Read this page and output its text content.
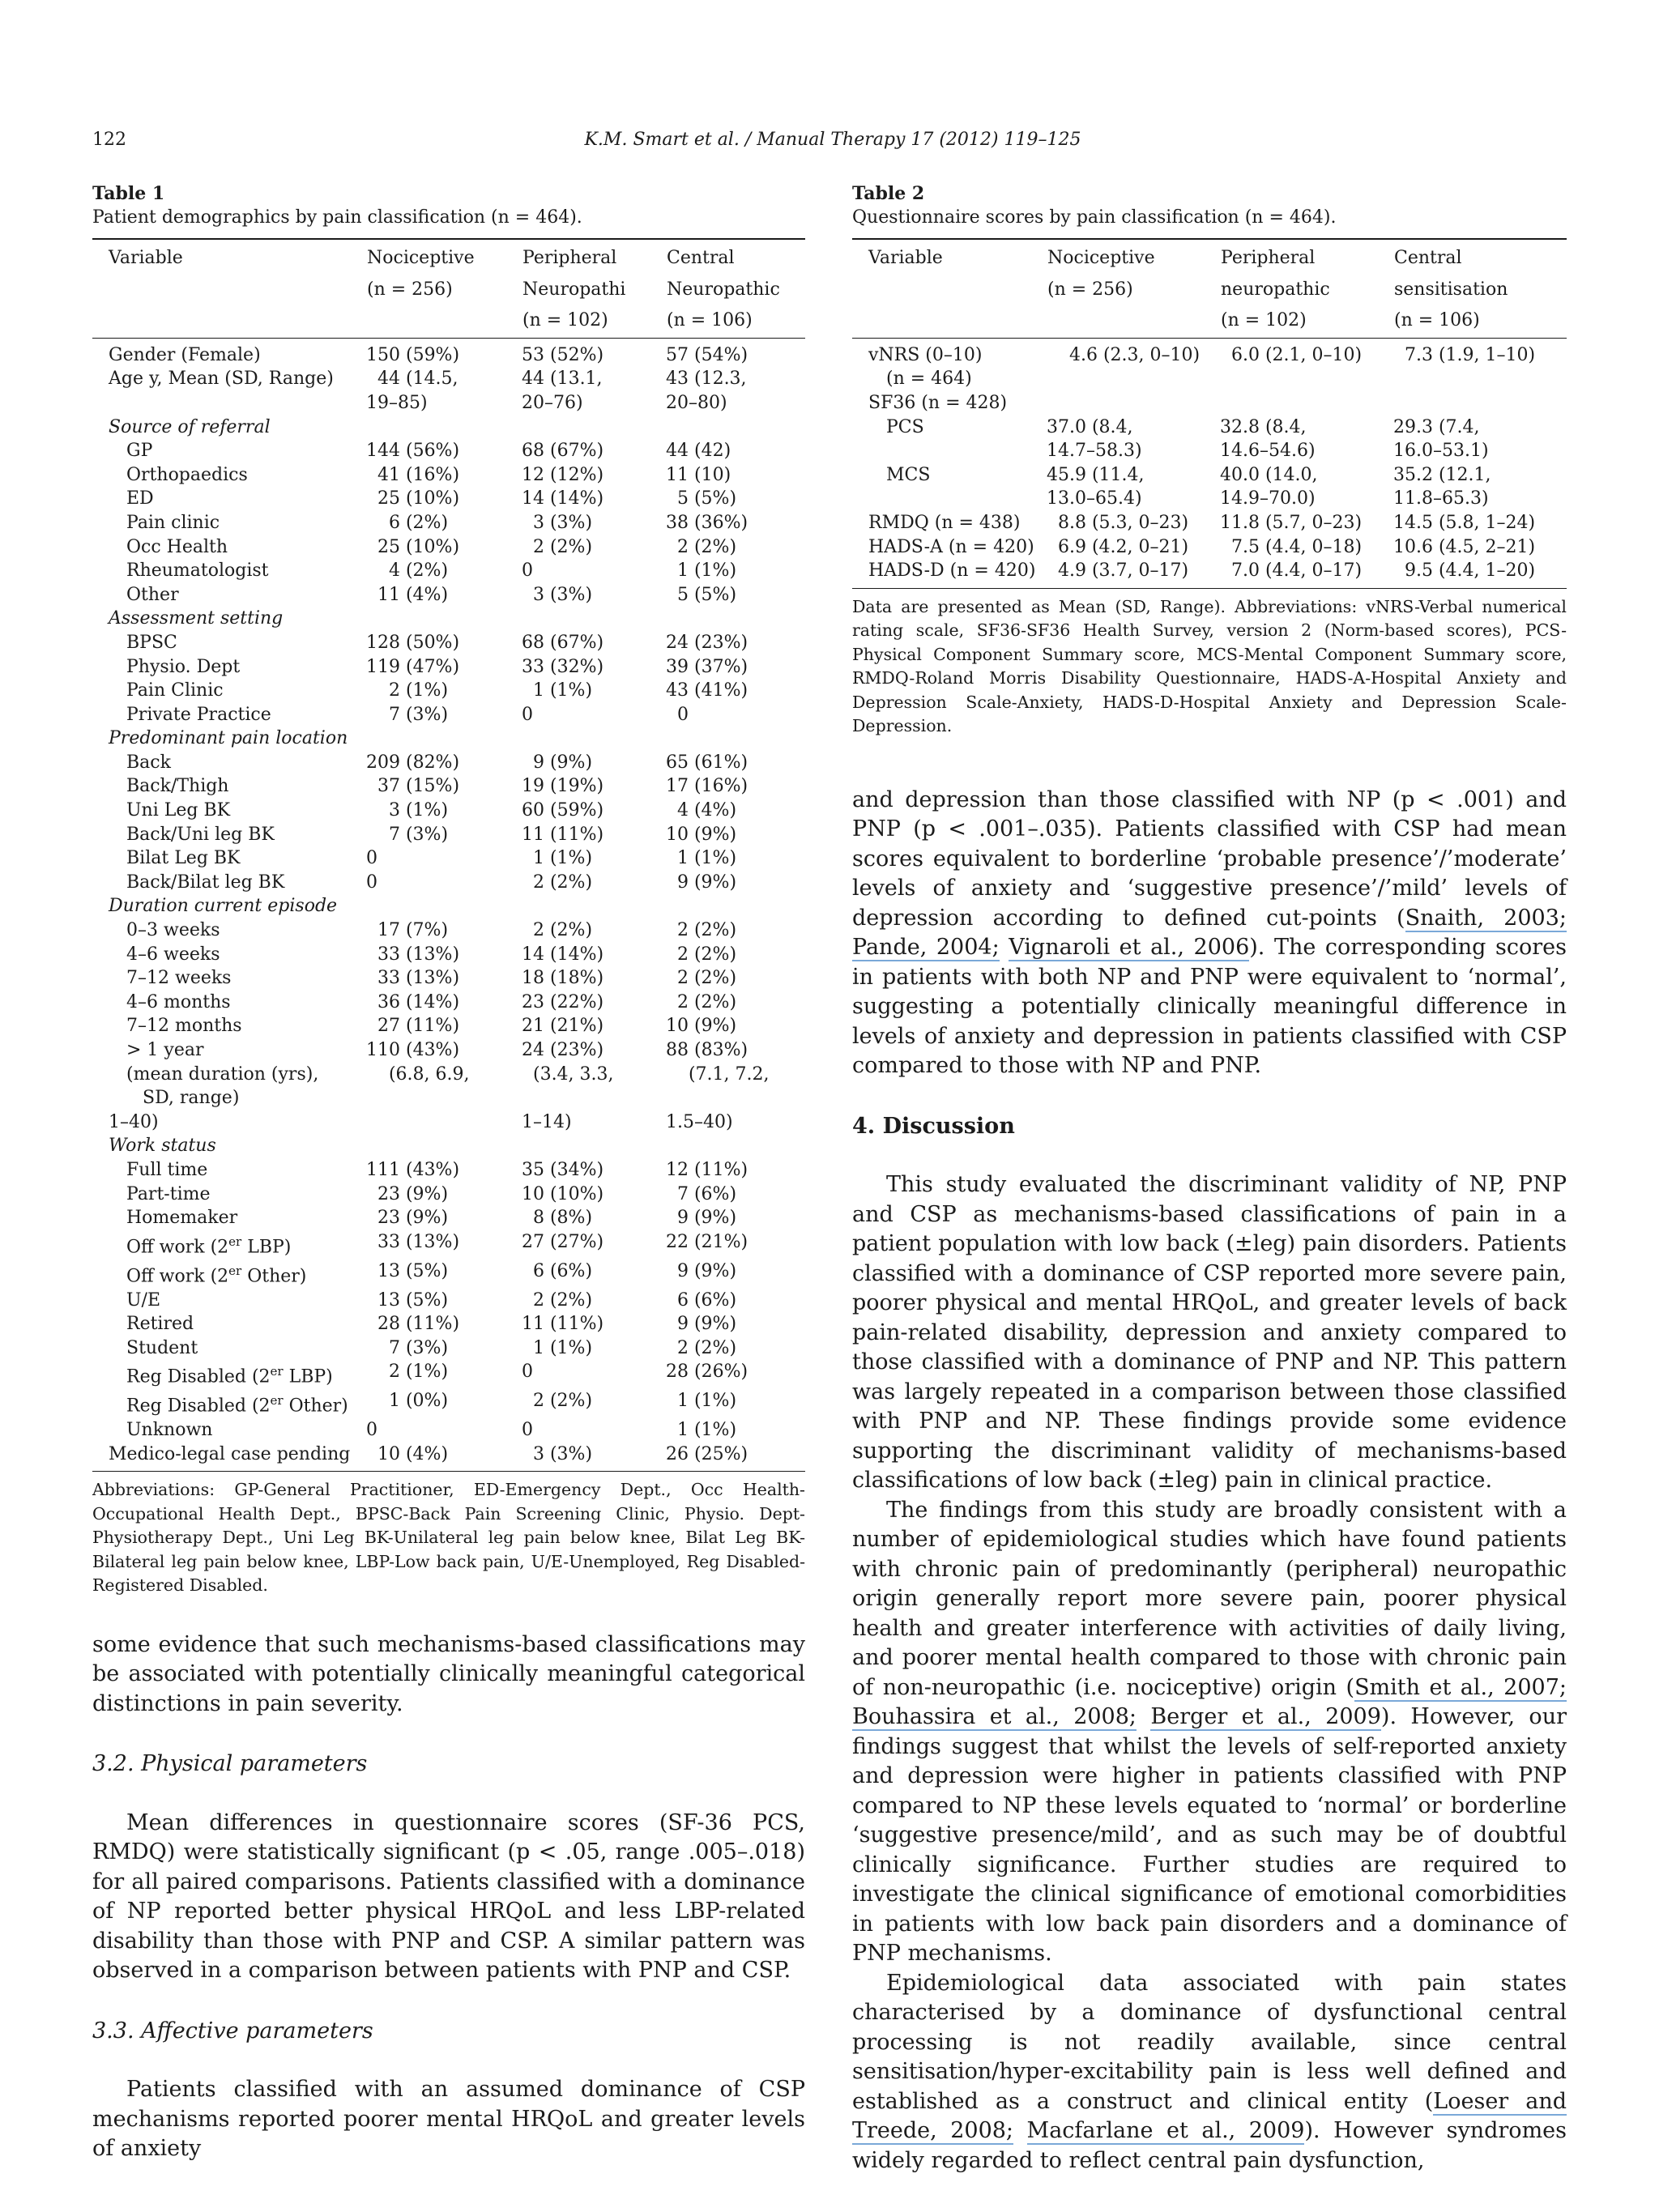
122	K.M. Smart et al. / Manual Therapy 17 (2012) 119–125
Table 1
Patient demographics by pain classification (n = 464).
Variable	Nociceptive	Peripheral	Central
	(n = 256)	Neuropathi	Neuropathic
		(n = 102)	(n = 106)
Gender (Female)	150 (59%)	53 (52%)	57 (54%)
Age y, Mean (SD, Range)	44 (14.5,	44 (13.1,	43 (12.3,
	19–85)	20–76)	20–80)
Source of referral			
GP	144 (56%)	68 (67%)	44 (42)
Orthopaedics	41 (16%)	12 (12%)	11 (10)
ED	25 (10%)	14 (14%)	5 (5%)
Pain clinic	6 (2%)	3 (3%)	38 (36%)
Occ Health	25 (10%)	2 (2%)	2 (2%)
Rheumatologist	4 (2%)	0	1 (1%)
Other	11 (4%)	3 (3%)	5 (5%)
Assessment setting			
BPSC	128 (50%)	68 (67%)	24 (23%)
Physio. Dept	119 (47%)	33 (32%)	39 (37%)
Pain Clinic	2 (1%)	1 (1%)	43 (41%)
Private Practice	7 (3%)	0	0
Predominant pain location			
Back	209 (82%)	9 (9%)	65 (61%)
Back/Thigh	37 (15%)	19 (19%)	17 (16%)
Uni Leg BK	3 (1%)	60 (59%)	4 (4%)
Back/Uni leg BK	7 (3%)	11 (11%)	10 (9%)
Bilat Leg BK	0	1 (1%)	1 (1%)
Back/Bilat leg BK	0	2 (2%)	9 (9%)
Duration current episode			
0–3 weeks	17 (7%)	2 (2%)	2 (2%)
4–6 weeks	33 (13%)	14 (14%)	2 (2%)
7–12 weeks	33 (13%)	18 (18%)	2 (2%)
4–6 months	36 (14%)	23 (22%)	2 (2%)
7–12 months	27 (11%)	21 (21%)	10 (9%)
> 1 year	110 (43%)	24 (23%)	88 (83%)
(mean duration (yrs),	(6.8, 6.9,	(3.4, 3.3,	(7.1, 7.2,
SD, range)			
1–40)		1–14)	1.5–40)
Work status			
Full time	111 (43%)	35 (34%)	12 (11%)
Part-time	23 (9%)	10 (10%)	7 (6%)
Homemaker	23 (9%)	8 (8%)	9 (9%)
Off work (2er LBP)	33 (13%)	27 (27%)	22 (21%)
Off work (2er Other)	13 (5%)	6 (6%)	9 (9%)
U/E	13 (5%)	2 (2%)	6 (6%)
Retired	28 (11%)	11 (11%)	9 (9%)
Student	7 (3%)	1 (1%)	2 (2%)
Reg Disabled (2er LBP)	2 (1%)	0	28 (26%)
Reg Disabled (2er Other)	1 (0%)	2 (2%)	1 (1%)
Unknown	0	0	1 (1%)
Medico-legal case pending	10 (4%)	3 (3%)	26 (25%)
Abbreviations: GP-General Practitioner, ED-Emergency Dept., Occ Health-Occupational Health Dept., BPSC-Back Pain Screening Clinic, Physio. Dept-Physiotherapy Dept., Uni Leg BK-Unilateral leg pain below knee, Bilat Leg BK-Bilateral leg pain below knee, LBP-Low back pain, U/E-Unemployed, Reg Disabled-Registered Disabled.

some evidence that such mechanisms-based classifications may be associated with potentially clinically meaningful categorical distinctions in pain severity.

3.2. Physical parameters

Mean differences in questionnaire scores (SF-36 PCS, RMDQ) were statistically significant (p < .05, range .005–.018) for all paired comparisons. Patients classified with a dominance of NP reported better physical HRQoL and less LBP-related disability than those with PNP and CSP. A similar pattern was observed in a comparison between patients with PNP and CSP.

3.3. Affective parameters

Patients classified with an assumed dominance of CSP mechanisms reported poorer mental HRQoL and greater levels of anxiety

Table 2
Questionnaire scores by pain classification (n = 464).
Variable	Nociceptive	Peripheral	Central
	(n = 256)	neuropathic	sensitisation
		(n = 102)	(n = 106)
vNRS (0–10)	4.6 (2.3, 0–10)	6.0 (2.1, 0–10)	7.3 (1.9, 1–10)
(n = 464)			
SF36 (n = 428)			
PCS	37.0 (8.4,	32.8 (8.4,	29.3 (7.4,
	14.7–58.3)	14.6–54.6)	16.0–53.1)
MCS	45.9 (11.4,	40.0 (14.0,	35.2 (12.1,
	13.0–65.4)	14.9–70.0)	11.8–65.3)
RMDQ (n = 438)	8.8 (5.3, 0–23)	11.8 (5.7, 0–23)	14.5 (5.8, 1–24)
HADS-A (n = 420)	6.9 (4.2, 0–21)	7.5 (4.4, 0–18)	10.6 (4.5, 2–21)
HADS-D (n = 420)	4.9 (3.7, 0–17)	7.0 (4.4, 0–17)	9.5 (4.4, 1–20)
Data are presented as Mean (SD, Range). Abbreviations: vNRS-Verbal numerical rating scale, SF36-SF36 Health Survey, version 2 (Norm-based scores), PCS-Physical Component Summary score, MCS-Mental Component Summary score, RMDQ-Roland Morris Disability Questionnaire, HADS-A-Hospital Anxiety and Depression Scale-Anxiety, HADS-D-Hospital Anxiety and Depression Scale-Depression.

and depression than those classified with NP (p < .001) and PNP (p < .001–.035). Patients classified with CSP had mean scores equivalent to borderline ‘probable presence’/’moderate’ levels of anxiety and ‘suggestive presence’/’mild’ levels of depression according to defined cut-points (Snaith, 2003; Pande, 2004; Vignaroli et al., 2006). The corresponding scores in patients with both NP and PNP were equivalent to ‘normal’, suggesting a potentially clinically meaningful difference in levels of anxiety and depression in patients classified with CSP compared to those with NP and PNP.

4. Discussion

This study evaluated the discriminant validity of NP, PNP and CSP as mechanisms-based classifications of pain in a patient population with low back (±leg) pain disorders. Patients classified with a dominance of CSP reported more severe pain, poorer physical and mental HRQoL, and greater levels of back pain-related disability, depression and anxiety compared to those classified with a dominance of PNP and NP. This pattern was largely repeated in a comparison between those classified with PNP and NP. These findings provide some evidence supporting the discriminant validity of mechanisms-based classifications of low back (±leg) pain in clinical practice.

The findings from this study are broadly consistent with a number of epidemiological studies which have found patients with chronic pain of predominantly (peripheral) neuropathic origin generally report more severe pain, poorer physical health and greater interference with activities of daily living, and poorer mental health compared to those with chronic pain of non-neuropathic (i.e. nociceptive) origin (Smith et al., 2007; Bouhassira et al., 2008; Berger et al., 2009). However, our findings suggest that whilst the levels of self-reported anxiety and depression were higher in patients classified with PNP compared to NP these levels equated to ‘normal’ or borderline ‘suggestive presence/mild’, and as such may be of doubtful clinically significance. Further studies are required to investigate the clinical significance of emotional comorbidities in patients with low back pain disorders and a dominance of PNP mechanisms.

Epidemiological data associated with pain states characterised by a dominance of dysfunctional central processing is not readily available, since central sensitisation/hyper-excitability pain is less well defined and established as a construct and clinical entity (Loeser and Treede, 2008; Macfarlane et al., 2009). However syndromes widely regarded to reflect central pain dysfunction,
